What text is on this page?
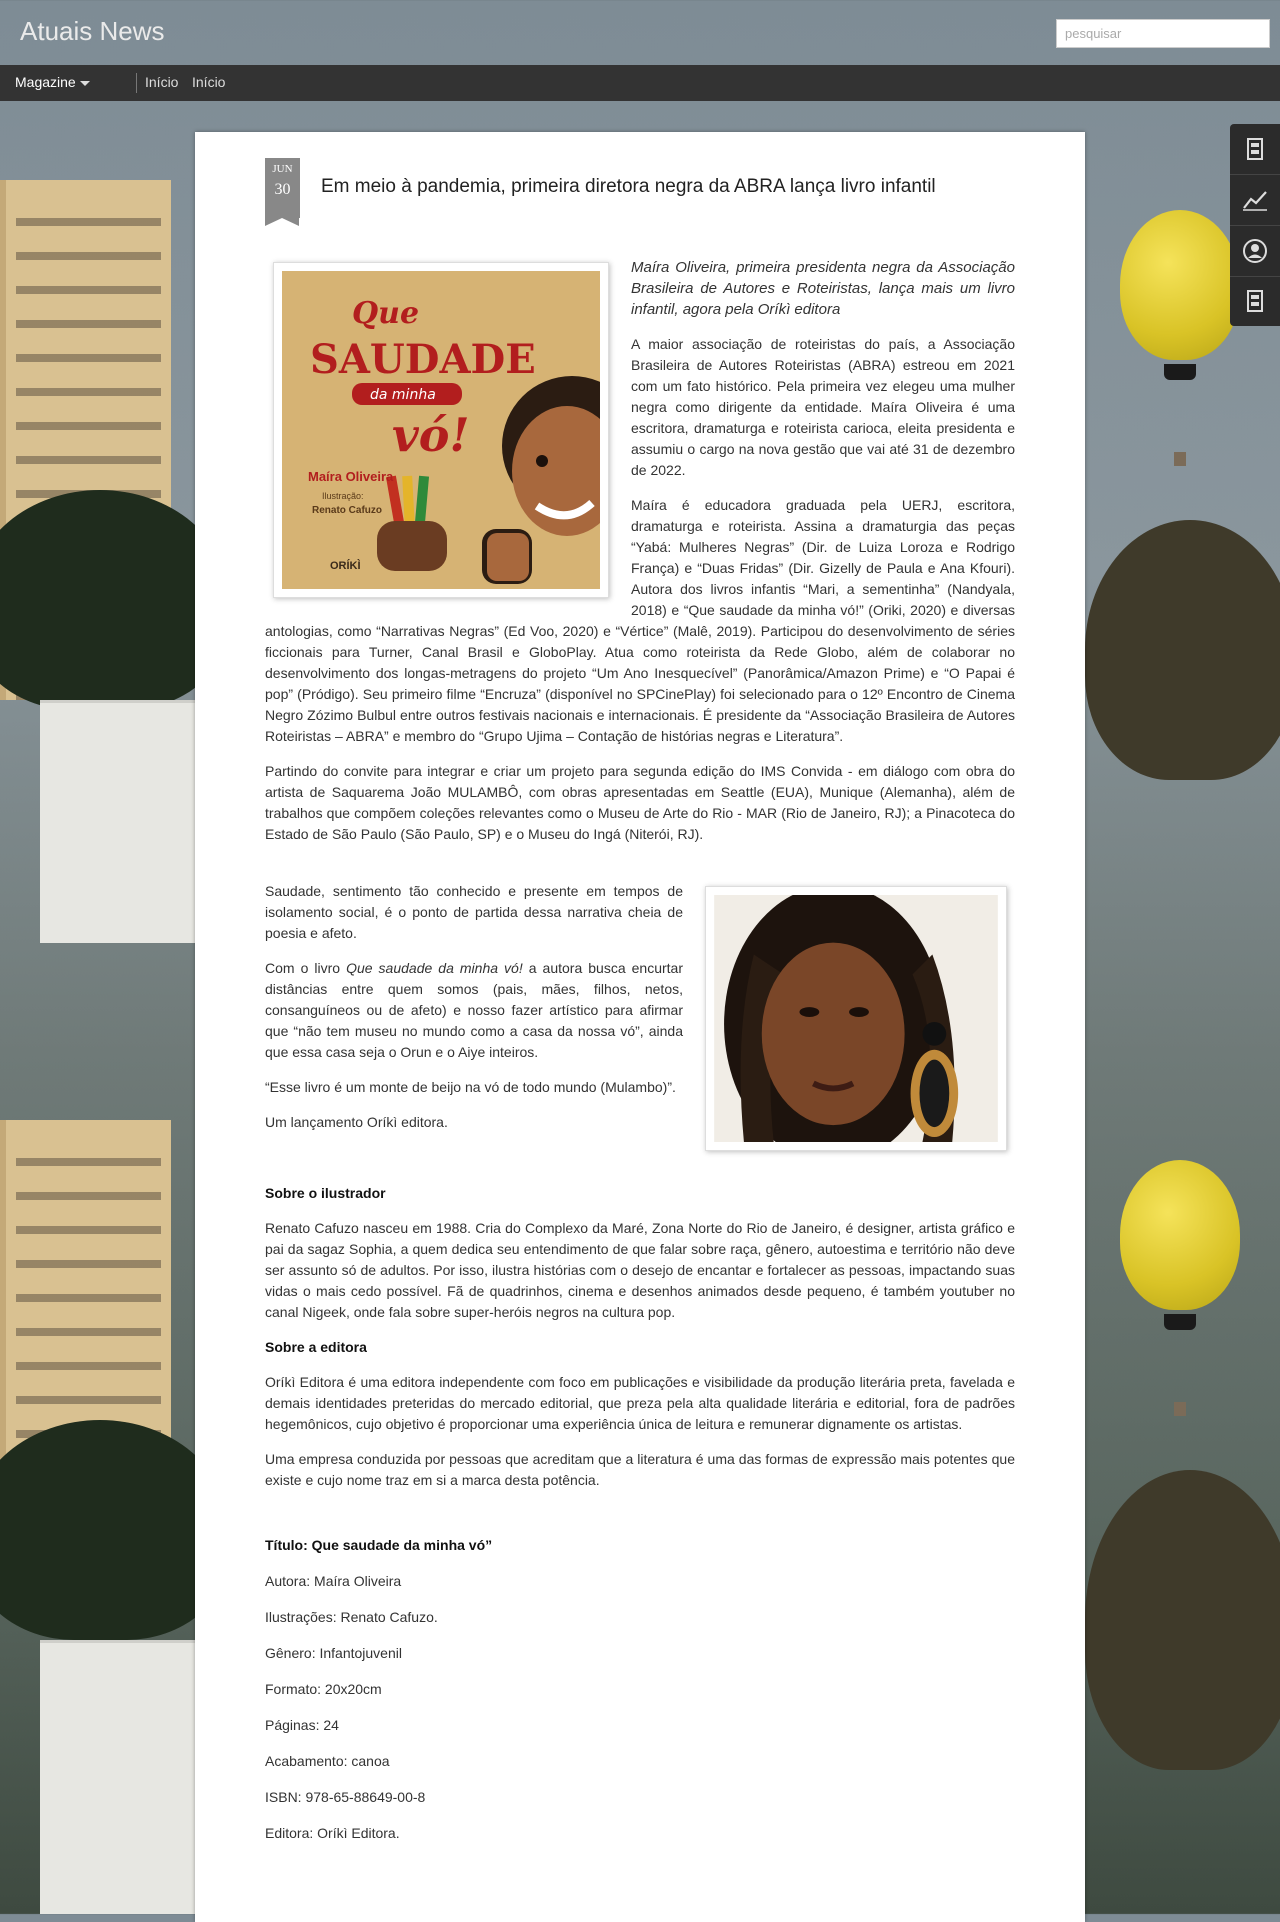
Atuais News
pesquisar
Magazine	Início Início
JUN
30	Em meio à pandemia, primeira diretora negra da ABRA lança livro infantil
Que
SAUDADE
da minha
vó!
Maíra Oliveira
Ilustração:
Renato Cafuzo
ORÍKÌ

Maíra Oliveira, primeira presidenta negra da Associação Brasileira de Autores e Roteiristas, lança mais um livro infantil, agora pela Oríkì editora

A maior associação de roteiristas do país, a Associação Brasileira de Autores Roteiristas (ABRA) estreou em 2021 com um fato histórico. Pela primeira vez elegeu uma mulher negra como dirigente da entidade. Maíra Oliveira é uma escritora, dramaturga e roteirista carioca, eleita presidenta e assumiu o cargo na nova gestão que vai até 31 de dezembro de 2022.

Maíra é educadora graduada pela UERJ, escritora, dramaturga e roteirista. Assina a dramaturgia das peças “Yabá: Mulheres Negras” (Dir. de Luiza Loroza e Rodrigo França) e “Duas Fridas” (Dir. Gizelly de Paula e Ana Kfouri). Autora dos livros infantis “Mari, a sementinha” (Nandyala, 2018) e “Que saudade da minha vó!” (Oriki, 2020) e diversas antologias, como “Narrativas Negras” (Ed Voo, 2020) e “Vértice” (Malê, 2019). Participou do desenvolvimento de séries ficcionais para Turner, Canal Brasil e GloboPlay. Atua como roteirista da Rede Globo, além de colaborar no desenvolvimento dos longas-metragens do projeto “Um Ano Inesquecível” (Panorâmica/Amazon Prime) e “O Papai é pop” (Pródigo). Seu primeiro filme “Encruza” (disponível no SPCinePlay) foi selecionado para o 12º Encontro de Cinema Negro Zózimo Bulbul entre outros festivais nacionais e internacionais. É presidente da “Associação Brasileira de Autores Roteiristas – ABRA” e membro do “Grupo Ujima – Contação de histórias negras e Literatura”.

Partindo do convite para integrar e criar um projeto para segunda edição do IMS Convida - em diálogo com obra do artista de Saquarema João MULAMBÔ, com obras apresentadas em Seattle (EUA), Munique (Alemanha), além de trabalhos que compõem coleções relevantes como o Museu de Arte do Rio - MAR (Rio de Janeiro, RJ); a Pinacoteca do Estado de São Paulo (São Paulo, SP) e o Museu do Ingá (Niterói, RJ).

Saudade, sentimento tão conhecido e presente em tempos de isolamento social, é o ponto de partida dessa narrativa cheia de poesia e afeto.

Com o livro Que saudade da minha vó! a autora busca encurtar distâncias entre quem somos (pais, mães, filhos, netos, consanguíneos ou de afeto) e nosso fazer artístico para afirmar que “não tem museu no mundo como a casa da nossa vó”, ainda que essa casa seja o Orun e o Aiye inteiros.

“Esse livro é um monte de beijo na vó de todo mundo (Mulambo)”.

Um lançamento Oríkì editora.

Sobre o ilustrador

Renato Cafuzo nasceu em 1988. Cria do Complexo da Maré, Zona Norte do Rio de Janeiro, é designer, artista gráfico e pai da sagaz Sophia, a quem dedica seu entendimento de que falar sobre raça, gênero, autoestima e território não deve ser assunto só de adultos. Por isso, ilustra histórias com o desejo de encantar e fortalecer as pessoas, impactando suas vidas o mais cedo possível. Fã de quadrinhos, cinema e desenhos animados desde pequeno, é também youtuber no canal Nigeek, onde fala sobre super-heróis negros na cultura pop.

Sobre a editora

Oríkì Editora é uma editora independente com foco em publicações e visibilidade da produção literária preta, favelada e demais identidades preteridas do mercado editorial, que preza pela alta qualidade literária e editorial, fora de padrões hegemônicos, cujo objetivo é proporcionar uma experiência única de leitura e remunerar dignamente os artistas.

Uma empresa conduzida por pessoas que acreditam que a literatura é uma das formas de expressão mais potentes que existe e cujo nome traz em si a marca desta potência.

Título: Que saudade da minha vó”

Autora: Maíra Oliveira

Ilustrações: Renato Cafuzo.

Gênero: Infantojuvenil

Formato: 20x20cm

Páginas: 24

Acabamento: canoa

ISBN: 978-65-88649-00-8

Editora: Oríkì Editora.
